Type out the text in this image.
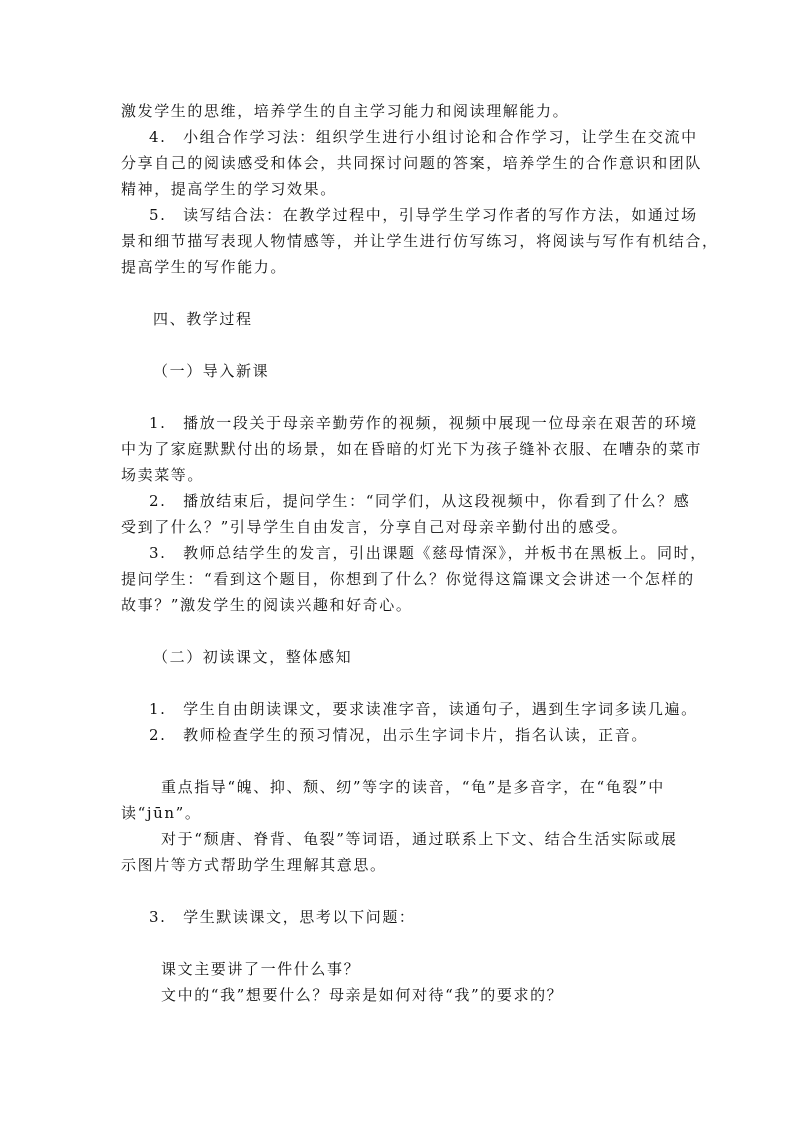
激发学生的思维，培养学生的自主学习能力和阅读理解能力。
4.　小组合作学习法：组织学生进行小组讨论和合作学习，让学生在交流中
分享自己的阅读感受和体会，共同探讨问题的答案，培养学生的合作意识和团队
精神，提高学生的学习效果。
5.　读写结合法：在教学过程中，引导学生学习作者的写作方法，如通过场
景和细节描写表现人物情感等，并让学生进行仿写练习，将阅读与写作有机结合，
提高学生的写作能力。

四、教学过程

（一）导入新课

1.　播放一段关于母亲辛勤劳作的视频，视频中展现一位母亲在艰苦的环境
中为了家庭默默付出的场景，如在昏暗的灯光下为孩子缝补衣服、在嘈杂的菜市
场卖菜等。
2.　播放结束后，提问学生：“同学们，从这段视频中，你看到了什么？感
受到了什么？”引导学生自由发言，分享自己对母亲辛勤付出的感受。
3.　教师总结学生的发言，引出课题《慈母情深》，并板书在黑板上。同时，
提问学生：“看到这个题目，你想到了什么？你觉得这篇课文会讲述一个怎样的
故事？”激发学生的阅读兴趣和好奇心。

（二）初读课文，整体感知

1.　学生自由朗读课文，要求读准字音，读通句子，遇到生字词多读几遍。

2.　教师检查学生的预习情况，出示生字词卡片，指名认读，正音。

重点指导“魄、抑、颓、纫”等字的读音，“龟”是多音字，在“龟裂”中
读“jūn”。
对于“颓唐、脊背、龟裂”等词语，通过联系上下文、结合生活实际或展
示图片等方式帮助学生理解其意思。

3.　学生默读课文，思考以下问题：

课文主要讲了一件什么事？

文中的“我”想要什么？母亲是如何对待“我”的要求的？
